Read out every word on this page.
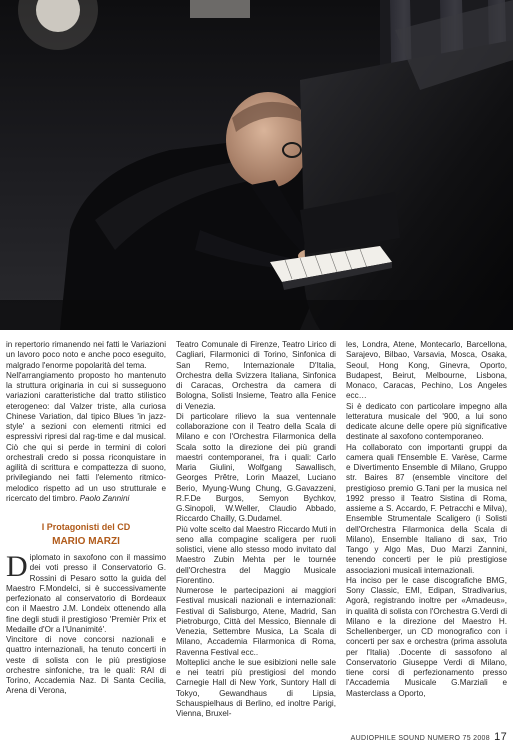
in repertorio rimanendo nei fatti le Variazioni un lavoro poco noto e anche poco eseguito, malgrado l'enorme popolarità del tema.

Nell'arrangiamento proposto ho mantenuto la struttura originaria in cui si susseguono variazioni caratteristiche dal tratto stilistico eterogeneo: dal Valzer triste, alla curiosa Chinese Variation, dal tipico Blues 'in jazz-style' a sezioni con elementi ritmici ed espressivi ripresi dal rag-time e dal musical. Ciò che qui si perde in termini di colori orchestrali credo si possa riconquistare in agilità di scrittura e compattezza di suono, privilegiando nei fatti l'elemento ritmico-melodico rispetto ad un uso strutturale e ricercato del timbro. Paolo Zannini

I Protagonisti del CD
MARIO MARZI

Diplomato in saxofono con il massimo dei voti presso il Conservatorio G. Rossini di Pesaro sotto la guida del Maestro F.Mondelci, si è successivamente perfezionato al conservatorio di Bordeaux con il Maestro J.M. Londeix ottenendo alla fine degli studi il prestigioso 'Premièr Prix et Medaille d'Or a l'Unanimité'.

Vincitore di nove concorsi nazionali e quattro internazionali, ha tenuto concerti in veste di solista con le più prestigiose orchestre sinfoniche, tra le quali: RAI di Torino, Accademia Naz. Di Santa Cecilia, Arena di Verona,

Teatro Comunale di Firenze, Teatro Lirico di Cagliari, Filarmonici di Torino, Sinfonica di San Remo, Internazionale D'Italia, Orchestra della Svizzera Italiana, Sinfonica di Caracas, Orchestra da camera di Bologna, Solisti Insieme, Teatro alla Fenice di Venezia.

Di particolare rilievo la sua ventennale collaborazione con il Teatro della Scala di Milano e con l'Orchestra Filarmonica della Scala sotto la direzione dei più grandi maestri contemporanei, fra i quali: Carlo Maria Giulini, Wolfgang Sawallisch, Georges Prêtre, Lorin Maazel, Luciano Berio, Myung-Wung Chung, G.Gavazzeni, R.F.De Burgos, Semyon Bychkov, G.Sinopoli, W.Weller, Claudio Abbado, Riccardo Chailly, G.Dudamel.

Più volte scelto dal Maestro Riccardo Muti in seno alla compagine scaligera per ruoli solistici, viene allo stesso modo invitato dal Maestro Zubin Mehta per le tournée dell'Orchestra del Maggio Musicale Fiorentino.

Numerose le partecipazioni ai maggiori Festival musicali nazionali e internazionali: Festival di Salisburgo, Atene, Madrid, San Pietroburgo, Città del Messico, Biennale di Venezia, Settembre Musica, La Scala di Milano, Accademia Filarmonica di Roma, Ravenna Festival ecc..

Molteplici anche le sue esibizioni nelle sale e nei teatri più prestigiosi del mondo Carnegie Hall di New York, Suntory Hall di Tokyo, Gewandhaus di Lipsia, Schauspielhaus di Berlino, ed inoltre Parigi, Vienna, Bruxel-

les, Londra, Atene, Montecarlo, Barcellona, Sarajevo, Bilbao, Varsavia, Mosca, Osaka, Seoul, Hong Kong, Ginevra, Oporto, Budapest, Beirut, Melbourne, Lisbona, Monaco, Caracas, Pechino, Los Angeles ecc…

Si è dedicato con particolare impegno alla letteratura musicale del '900, a lui sono dedicate alcune delle opere più significative destinate al saxofono contemporaneo.

Ha collaborato con importanti gruppi da camera quali l'Ensemble E. Varèse, Carme e Divertimento Ensemble di Milano, Gruppo str. Baires 87 (ensemble vincitore del prestigioso premio G.Tani per la musica nel 1992 presso il Teatro Sistina di Roma, assieme a S. Accardo, F. Petracchi e Milva), Ensemble Strumentale Scaligero (i Solisti dell'Orchestra Filarmonica della Scala di Milano), Ensemble Italiano di sax, Trio Tango y Algo Mas, Duo Marzi Zannini, tenendo concerti per le più prestigiose associazioni musicali internazionali.

Ha inciso per le case discografiche BMG, Sony Classic, EMI, Edipan, Stradivarius, Agorà, registrando inoltre per «Amadeus», in qualità di solista con l'Orchestra G.Verdi di Milano e la direzione del Maestro H. Schellenberger, un CD monografico con i concerti per sax e orchestra (prima assoluta per l'Italia) .Docente di sassofono al Conservatorio Giuseppe Verdi di Milano, tiene corsi di perfezionamento presso l'Accademia Musicale G.Marziali e Masterclass a Oporto,

AUDIOPHILE SOUND NUMERO 75 2008 17
